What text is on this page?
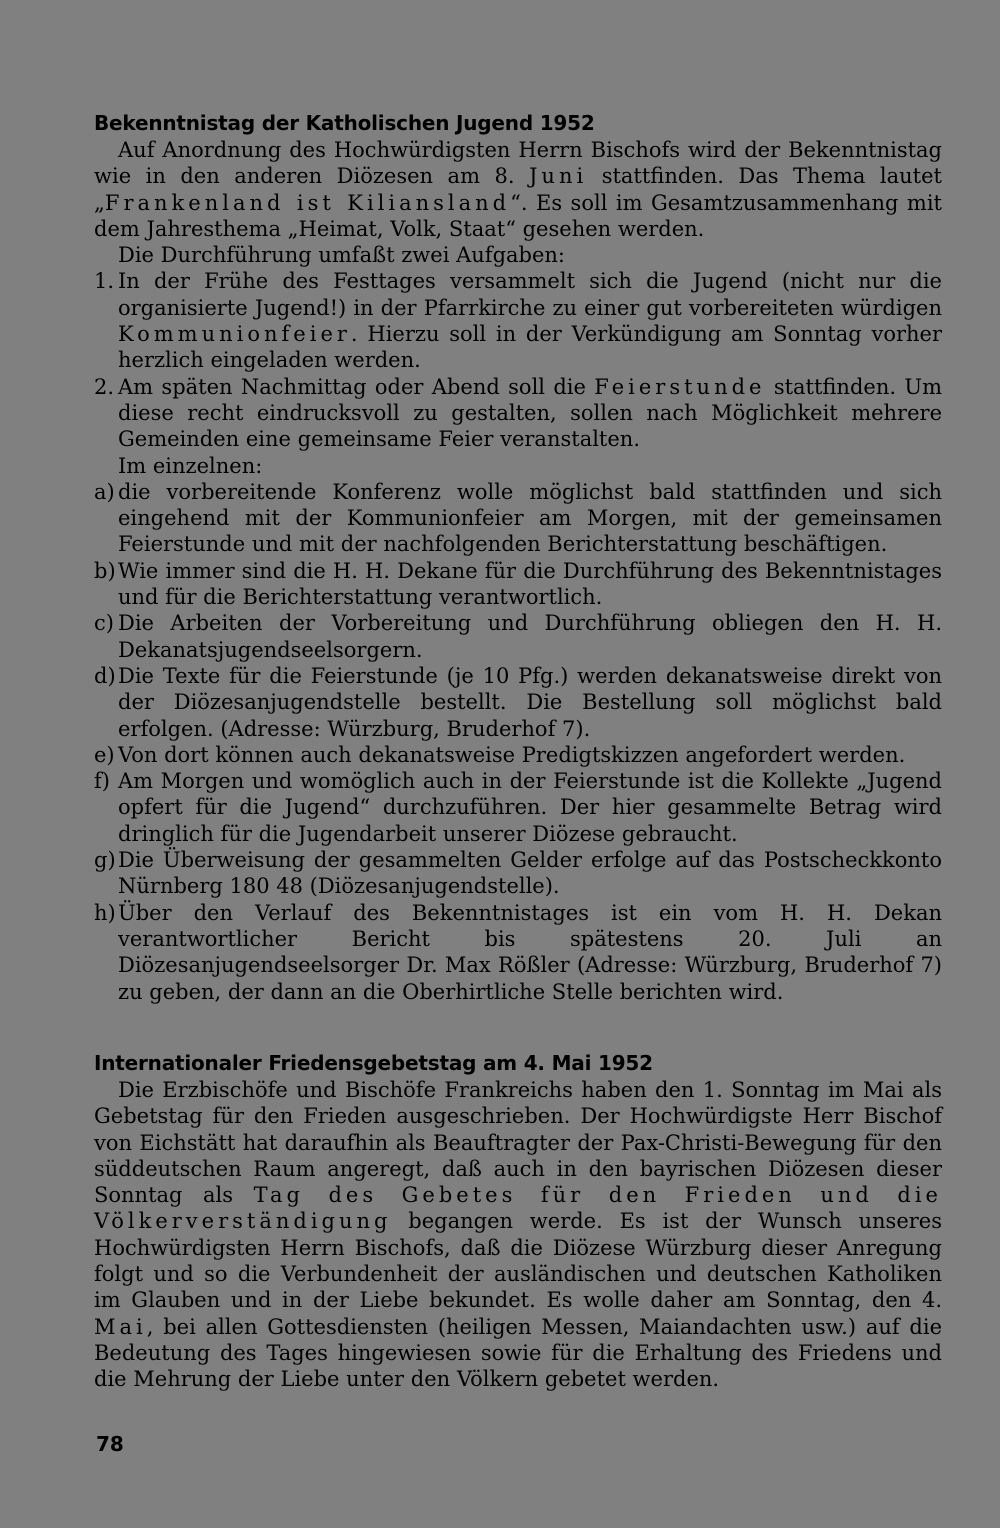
Bekenntnistag der Katholischen Jugend 1952

Auf Anordnung des Hochwürdigsten Herrn Bischofs wird der Bekenntnistag wie in den anderen Diözesen am 8. Juni stattfinden. Das Thema lautet „Frankenland ist Kiliansland“. Es soll im Gesamtzusammenhang mit dem Jahresthema „Heimat, Volk, Staat“ gesehen werden.

Die Durchführung umfaßt zwei Aufgaben:

1. In der Frühe des Festtages versammelt sich die Jugend (nicht nur die organisierte Jugend!) in der Pfarrkirche zu einer gut vorbereiteten würdigen Kommunionfeier. Hierzu soll in der Verkündigung am Sonntag vorher herzlich eingeladen werden.
2. Am späten Nachmittag oder Abend soll die Feierstunde stattfinden. Um diese recht eindrucksvoll zu gestalten, sollen nach Möglichkeit mehrere Gemeinden eine gemeinsame Feier veranstalten.

Im einzelnen:

a) die vorbereitende Konferenz wolle möglichst bald stattfinden und sich eingehend mit der Kommunionfeier am Morgen, mit der gemeinsamen Feierstunde und mit der nachfolgenden Berichterstattung beschäftigen.
b) Wie immer sind die H. H. Dekane für die Durchführung des Bekenntnistages und für die Berichterstattung verantwortlich.
c) Die Arbeiten der Vorbereitung und Durchführung obliegen den H. H. Dekanatsjugendseelsorgern.
d) Die Texte für die Feierstunde (je 10 Pfg.) werden dekanatsweise direkt von der Diözesanjugendstelle bestellt. Die Bestellung soll möglichst bald erfolgen. (Adresse: Würzburg, Bruderhof 7).
e) Von dort können auch dekanatsweise Predigtskizzen angefordert werden.
f) Am Morgen und womöglich auch in der Feierstunde ist die Kollekte „Jugend opfert für die Jugend“ durchzuführen. Der hier gesammelte Betrag wird dringlich für die Jugendarbeit unserer Diözese gebraucht.
g) Die Überweisung der gesammelten Gelder erfolge auf das Postscheckkonto Nürnberg 180 48 (Diözesanjugendstelle).
h) Über den Verlauf des Bekenntnistages ist ein vom H. H. Dekan verantwortlicher Bericht bis spätestens 20. Juli an Diözesanjugendseelsorger Dr. Max Rößler (Adresse: Würzburg, Bruderhof 7) zu geben, der dann an die Oberhirtliche Stelle berichten wird.
Internationaler Friedensgebetstag am 4. Mai 1952

Die Erzbischöfe und Bischöfe Frankreichs haben den 1. Sonntag im Mai als Gebetstag für den Frieden ausgeschrieben. Der Hochwürdigste Herr Bischof von Eichstätt hat daraufhin als Beauftragter der Pax-Christi-Bewegung für den süddeutschen Raum angeregt, daß auch in den bayrischen Diözesen dieser Sonntag als Tag des Gebetes für den Frieden und die Völkerverständigung begangen werde. Es ist der Wunsch unseres Hochwürdigsten Herrn Bischofs, daß die Diözese Würzburg dieser Anregung folgt und so die Verbundenheit der ausländischen und deutschen Katholiken im Glauben und in der Liebe bekundet. Es wolle daher am Sonntag, den 4. Mai, bei allen Gottesdiensten (heiligen Messen, Maiandachten usw.) auf die Bedeutung des Tages hingewiesen sowie für die Erhaltung des Friedens und die Mehrung der Liebe unter den Völkern gebetet werden.

78
